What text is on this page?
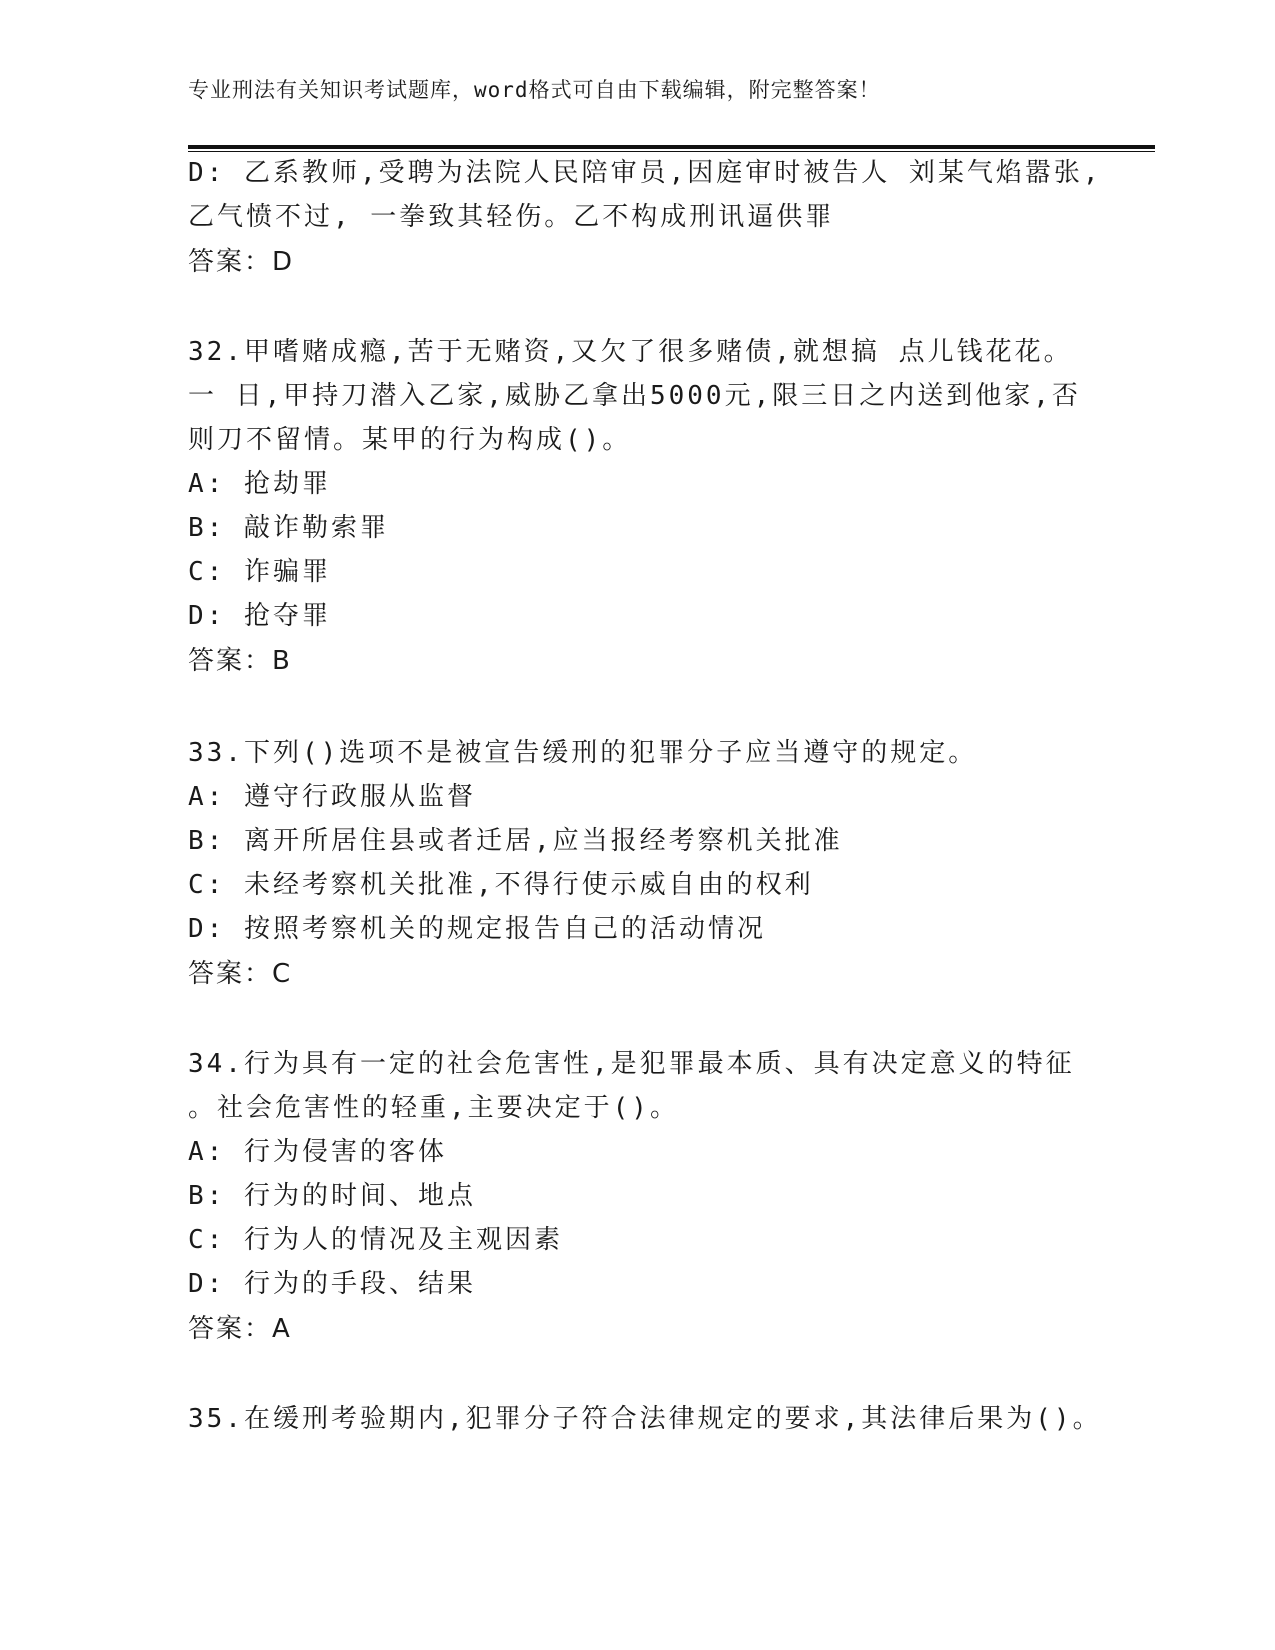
专业刑法有关知识考试题库，word格式可自由下载编辑，附完整答案！
D: 乙系教师,受聘为法院人民陪审员,因庭审时被告人 刘某气焰嚣张,
乙气愤不过, 一拳致其轻伤。乙不构成刑讯逼供罪
答案：D
32.甲嗜赌成瘾,苦于无赌资,又欠了很多赌债,就想搞 点儿钱花花。
一 日,甲持刀潜入乙家,威胁乙拿出5000元,限三日之内送到他家,否
则刀不留情。某甲的行为构成()。
A: 抢劫罪
B: 敲诈勒索罪
C: 诈骗罪
D: 抢夺罪
答案：B
33.下列()选项不是被宣告缓刑的犯罪分子应当遵守的规定。
A: 遵守行政服从监督
B: 离开所居住县或者迁居,应当报经考察机关批准
C: 未经考察机关批准,不得行使示威自由的权利
D: 按照考察机关的规定报告自己的活动情况
答案：C
34.行为具有一定的社会危害性,是犯罪最本质、具有决定意义的特征
。社会危害性的轻重,主要决定于()。
A: 行为侵害的客体
B: 行为的时间、地点
C: 行为人的情况及主观因素
D: 行为的手段、结果
答案：A
35.在缓刑考验期内,犯罪分子符合法律规定的要求,其法律后果为()。
